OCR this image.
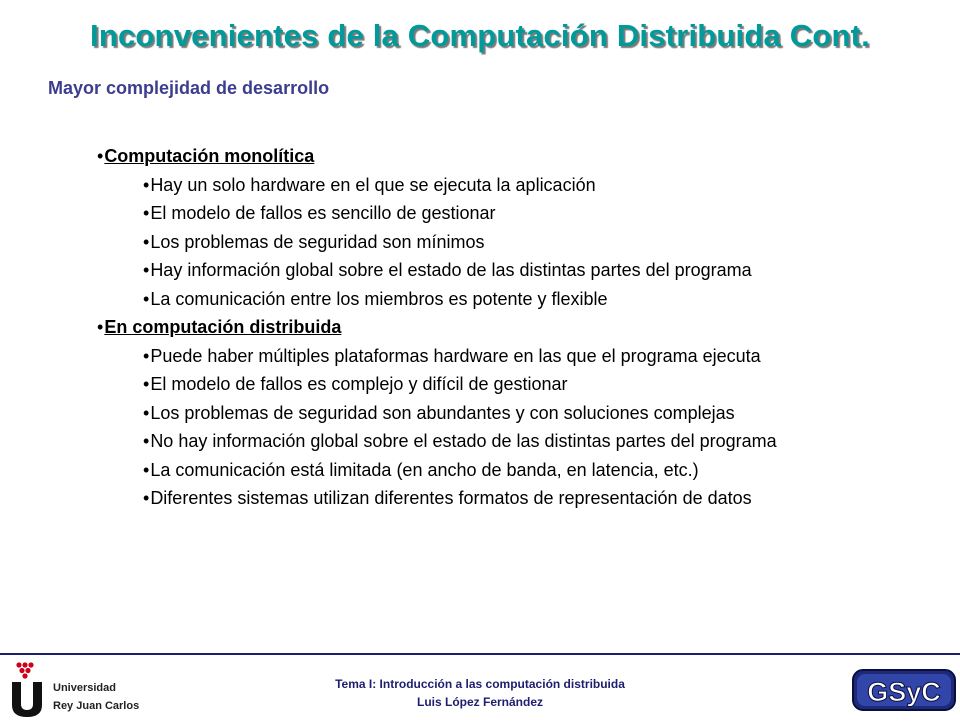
Inconvenientes de la Computación Distribuida Cont.
Mayor complejidad de desarrollo
•Computación monolítica
•Hay un solo hardware en el que se ejecuta la aplicación
•El modelo de fallos es sencillo de gestionar
•Los problemas de seguridad son mínimos
•Hay información global sobre el estado de las distintas partes del programa
•La comunicación entre los miembros es potente y flexible
•En computación distribuida
•Puede haber múltiples plataformas hardware en las que el programa ejecuta
•El modelo de fallos es complejo y difícil de gestionar
•Los problemas de seguridad son abundantes y con soluciones complejas
•No hay información global sobre el estado de las distintas partes del programa
•La comunicación está limitada (en ancho de banda, en latencia, etc.)
•Diferentes sistemas utilizan diferentes formatos de representación de datos
Universidad
Rey Juan Carlos
Tema I: Introducción a las computación distribuida
Luis López Fernández	GSyC
